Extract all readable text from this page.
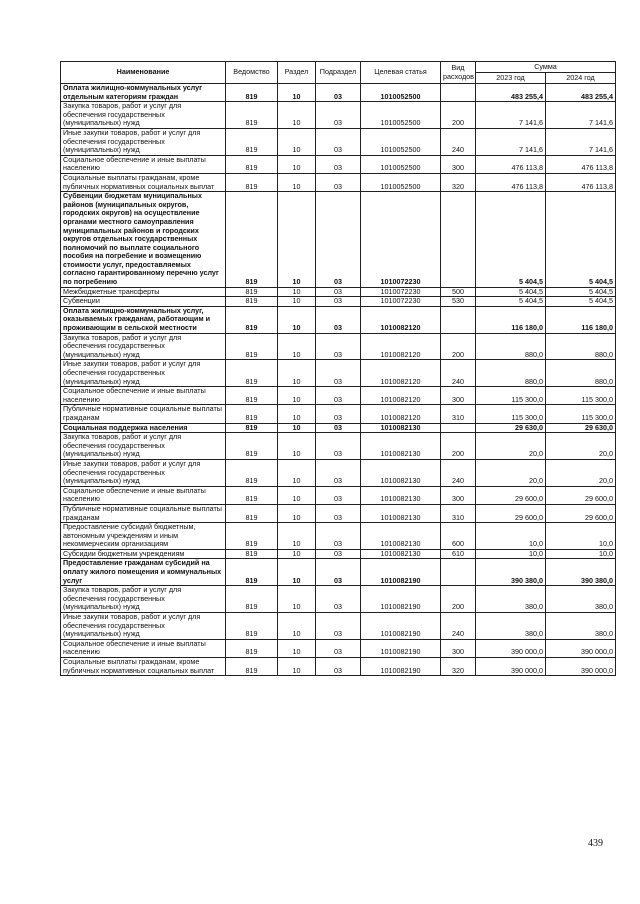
Наименование	Ведомство	Раздел	Подраздел	Целевая статья	Вид расходов	Сумма	
						2023 год	2024 год
Оплата жилищно-коммунальных услуг отдельным категориям граждан	819	10	03	1010052500		483 255,4	483 255,4
Закупка товаров, работ и услуг для обеспечения государственных (муниципальных) нужд	819	10	03	1010052500	200	7 141,6	7 141,6
Иные закупки товаров, работ и услуг для обеспечения государственных (муниципальных) нужд	819	10	03	1010052500	240	7 141,6	7 141,6
Социальное обеспечение и иные выплаты населению	819	10	03	1010052500	300	476 113,8	476 113,8
Социальные выплаты гражданам, кроме публичных нормативных социальных выплат	819	10	03	1010052500	320	476 113,8	476 113,8
Субвенции бюджетам муниципальных районов (муниципальных округов, городских округов) на осуществление органами местного самоуправления муниципальных районов и городских округов отдельных государственных полномочий по выплате социального пособия на погребение и возмещению стоимости услуг, предоставляемых согласно гарантированному перечню услуг по погребению	819	10	03	1010072230		5 404,5	5 404,5
Межбюджетные трансферты	819	10	03	1010072230	500	5 404,5	5 404,5
Субвенции	819	10	03	1010072230	530	5 404,5	5 404,5
Оплата жилищно-коммунальных услуг, оказываемых гражданам, работающим и проживающим в сельской местности	819	10	03	1010082120		116 180,0	116 180,0
Закупка товаров, работ и услуг для обеспечения государственных (муниципальных) нужд	819	10	03	1010082120	200	880,0	880,0
Иные закупки товаров, работ и услуг для обеспечения государственных (муниципальных) нужд	819	10	03	1010082120	240	880,0	880,0
Социальное обеспечение и иные выплаты населению	819	10	03	1010082120	300	115 300,0	115 300,0
Публичные нормативные социальные выплаты гражданам	819	10	03	1010082120	310	115 300,0	115 300,0
Социальная поддержка населения	819	10	03	1010082130		29 630,0	29 630,0
Закупка товаров, работ и услуг для обеспечения государственных (муниципальных) нужд	819	10	03	1010082130	200	20,0	20,0
Иные закупки товаров, работ и услуг для обеспечения государственных (муниципальных) нужд	819	10	03	1010082130	240	20,0	20,0
Социальное обеспечение и иные выплаты населению	819	10	03	1010082130	300	29 600,0	29 600,0
Публичные нормативные социальные выплаты гражданам	819	10	03	1010082130	310	29 600,0	29 600,0
Предоставление субсидий бюджетным, автономным учреждениям и иным некоммерческим организациям	819	10	03	1010082130	600	10,0	10,0
Субсидии бюджетным учреждениям	819	10	03	1010082130	610	10,0	10,0
Предоставление гражданам субсидий на оплату жилого помещения и коммунальных услуг	819	10	03	1010082190		390 380,0	390 380,0
Закупка товаров, работ и услуг для обеспечения государственных (муниципальных) нужд	819	10	03	1010082190	200	380,0	380,0
Иные закупки товаров, работ и услуг для обеспечения государственных (муниципальных) нужд	819	10	03	1010082190	240	380,0	380,0
Социальное обеспечение и иные выплаты населению	819	10	03	1010082190	300	390 000,0	390 000,0
Социальные выплаты гражданам, кроме публичных нормативных социальных выплат	819	10	03	1010082190	320	390 000,0	390 000,0
439
